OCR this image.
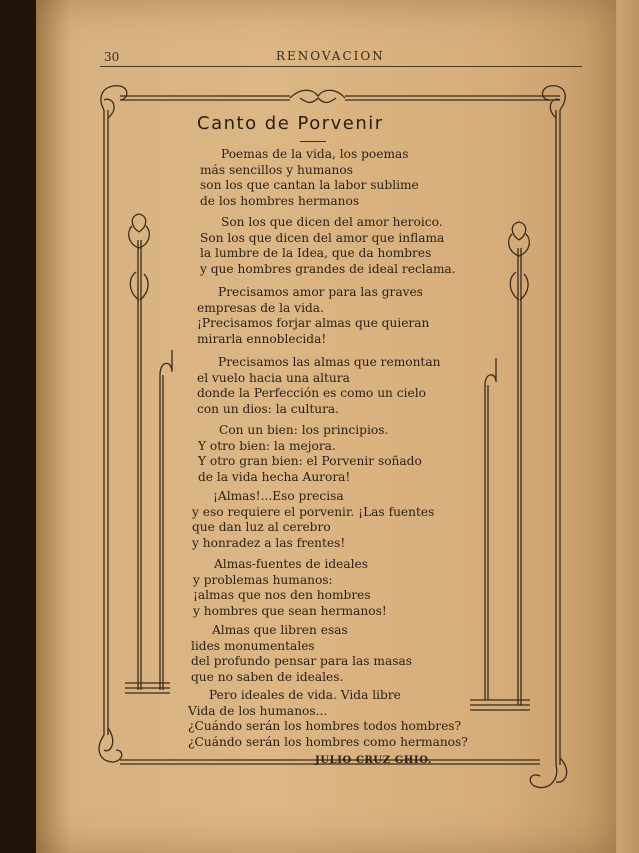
30	RENOVACION
Canto de Porvenir
Poemas de la vida, los poemas
más sencillos y humanos
son los que cantan la labor sublime
de los hombres hermanos
Son los que dicen del amor heroico.
Son los que dicen del amor que inflama
la lumbre de la Idea, que da hombres
y que hombres grandes de ideal reclama.
Precisamos amor para las graves
empresas de la vida.
¡Precisamos forjar almas que quieran
mirarla ennoblecida!
Precisamos las almas que remontan
el vuelo hacia una altura
donde la Perfección es como un cielo
con un dios: la cultura.
Con un bien: los principios.
Y otro bien: la mejora.
Y otro gran bien: el Porvenir soñado
de la vida hecha Aurora!
¡Almas!...Eso precisa
y eso requiere el porvenir. ¡Las fuentes
que dan luz al cerebro
y honradez a las frentes!
Almas-fuentes de ideales
y problemas humanos:
¡almas que nos den hombres
y hombres que sean hermanos!
Almas que libren esas
lides monumentales
del profundo pensar para las masas
que no saben de ideales.
Pero ideales de vida. Vida libre
Vida de los humanos...
¿Cuándo serán los hombres todos hombres?
¿Cuándo serán los hombres como hermanos?
JULIO CRUZ GHIO.
